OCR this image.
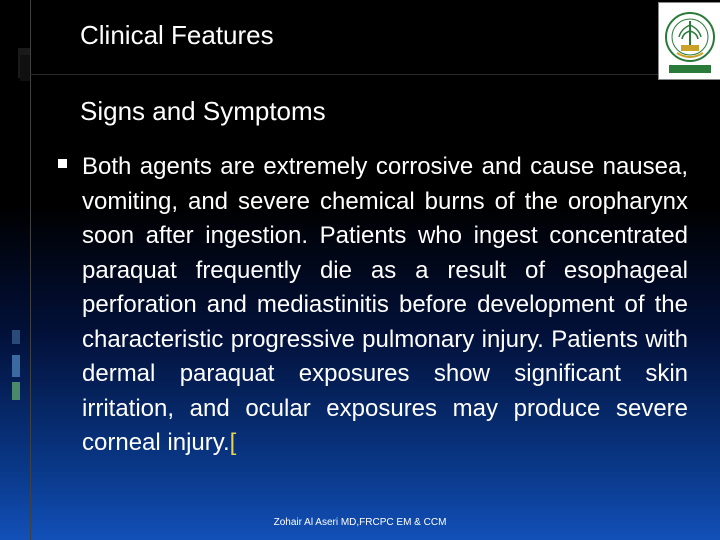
Clinical Features
Signs and Symptoms
Both agents are extremely corrosive and cause nausea, vomiting, and severe chemical burns of the oropharynx soon after ingestion. Patients who ingest concentrated paraquat frequently die as a result of esophageal perforation and mediastinitis before development of the characteristic progressive pulmonary injury. Patients with dermal paraquat exposures show significant skin irritation, and ocular exposures may produce severe corneal injury.[
Zohair Al Aseri MD,FRCPC EM & CCM
